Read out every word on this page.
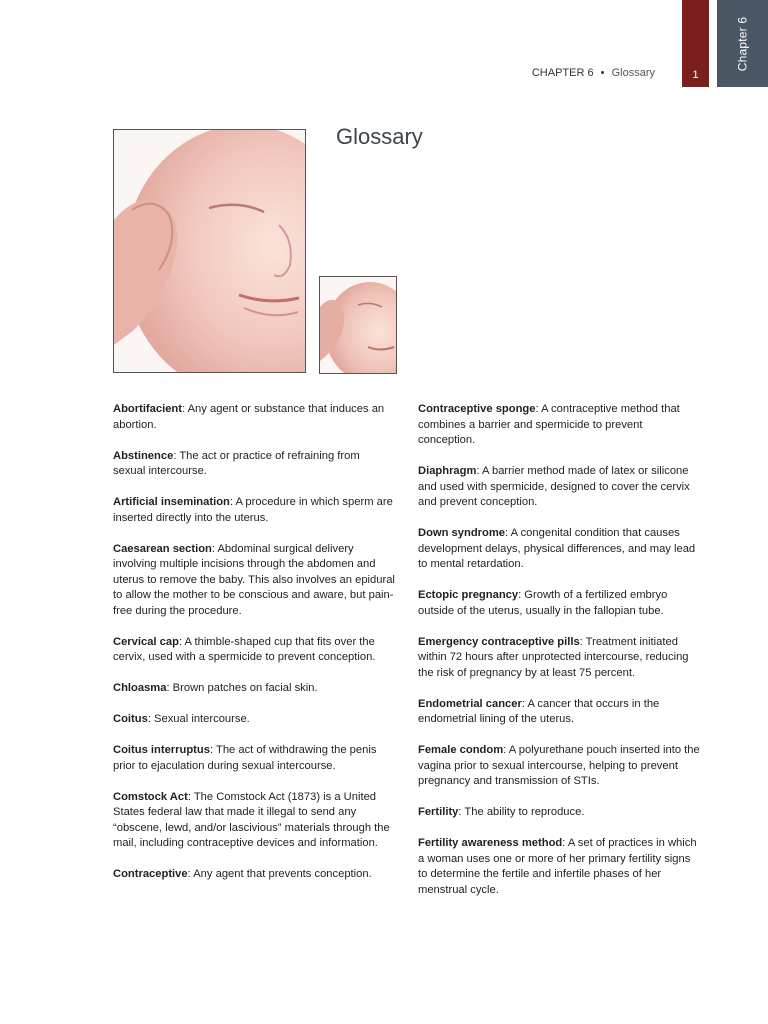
1
Chapter 6
CHAPTER 6 • Glossary
Glossary

Abortifacient: Any agent or substance that induces an abortion.

Abstinence: The act or practice of refraining from sexual intercourse.

Artificial insemination: A procedure in which sperm are inserted directly into the uterus.

Caesarean section: Abdominal surgical delivery involving multiple incisions through the abdomen and uterus to remove the baby. This also involves an epidural to allow the mother to be conscious and aware, but pain-free during the procedure.

Cervical cap: A thimble-shaped cup that fits over the cervix, used with a spermicide to prevent conception.

Chloasma: Brown patches on facial skin.

Coitus: Sexual intercourse.

Coitus interruptus: The act of withdrawing the penis prior to ejaculation during sexual intercourse.

Comstock Act: The Comstock Act (1873) is a United States federal law that made it illegal to send any “obscene, lewd, and/or lascivious” materials through the mail, including contraceptive devices and information.

Contraceptive: Any agent that prevents conception.

Contraceptive sponge: A contraceptive method that combines a barrier and spermicide to prevent conception.

Diaphragm: A barrier method made of latex or silicone and used with spermicide, designed to cover the cervix and prevent conception.

Down syndrome: A congenital condition that causes development delays, physical differences, and may lead to mental retardation.

Ectopic pregnancy: Growth of a fertilized embryo outside of the uterus, usually in the fallopian tube.

Emergency contraceptive pills: Treatment initiated within 72 hours after unprotected intercourse, reducing the risk of pregnancy by at least 75 percent.

Endometrial cancer: A cancer that occurs in the endometrial lining of the uterus.

Female condom: A polyurethane pouch inserted into the vagina prior to sexual intercourse, helping to prevent pregnancy and transmission of STIs.

Fertility: The ability to reproduce.

Fertility awareness method: A set of practices in which a woman uses one or more of her primary fertility signs to determine the fertile and infertile phases of her menstrual cycle.
